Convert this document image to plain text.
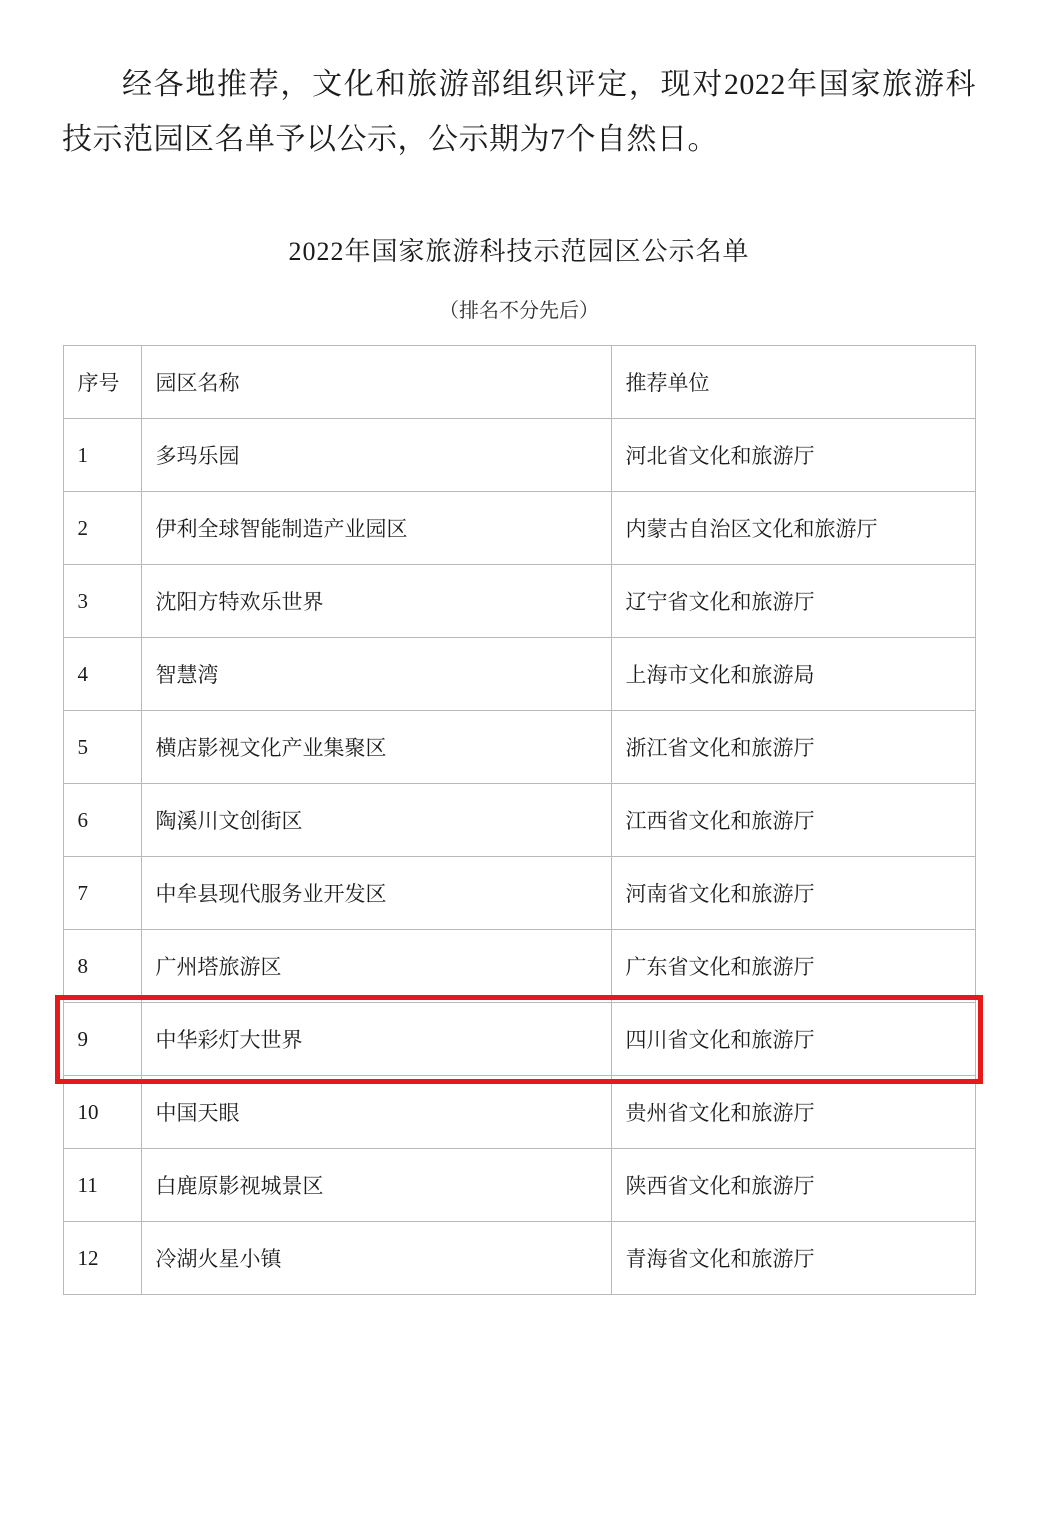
经各地推荐，文化和旅游部组织评定，现对2022年国家旅游科技示范园区名单予以公示，公示期为7个自然日。

2022年国家旅游科技示范园区公示名单
（排名不分先后）
序号	园区名称	推荐单位
1	多玛乐园	河北省文化和旅游厅
2	伊利全球智能制造产业园区	内蒙古自治区文化和旅游厅
3	沈阳方特欢乐世界	辽宁省文化和旅游厅
4	智慧湾	上海市文化和旅游局
5	横店影视文化产业集聚区	浙江省文化和旅游厅
6	陶溪川文创街区	江西省文化和旅游厅
7	中牟县现代服务业开发区	河南省文化和旅游厅
8	广州塔旅游区	广东省文化和旅游厅
9	中华彩灯大世界	四川省文化和旅游厅
10	中国天眼	贵州省文化和旅游厅
11	白鹿原影视城景区	陕西省文化和旅游厅
12	冷湖火星小镇	青海省文化和旅游厅
